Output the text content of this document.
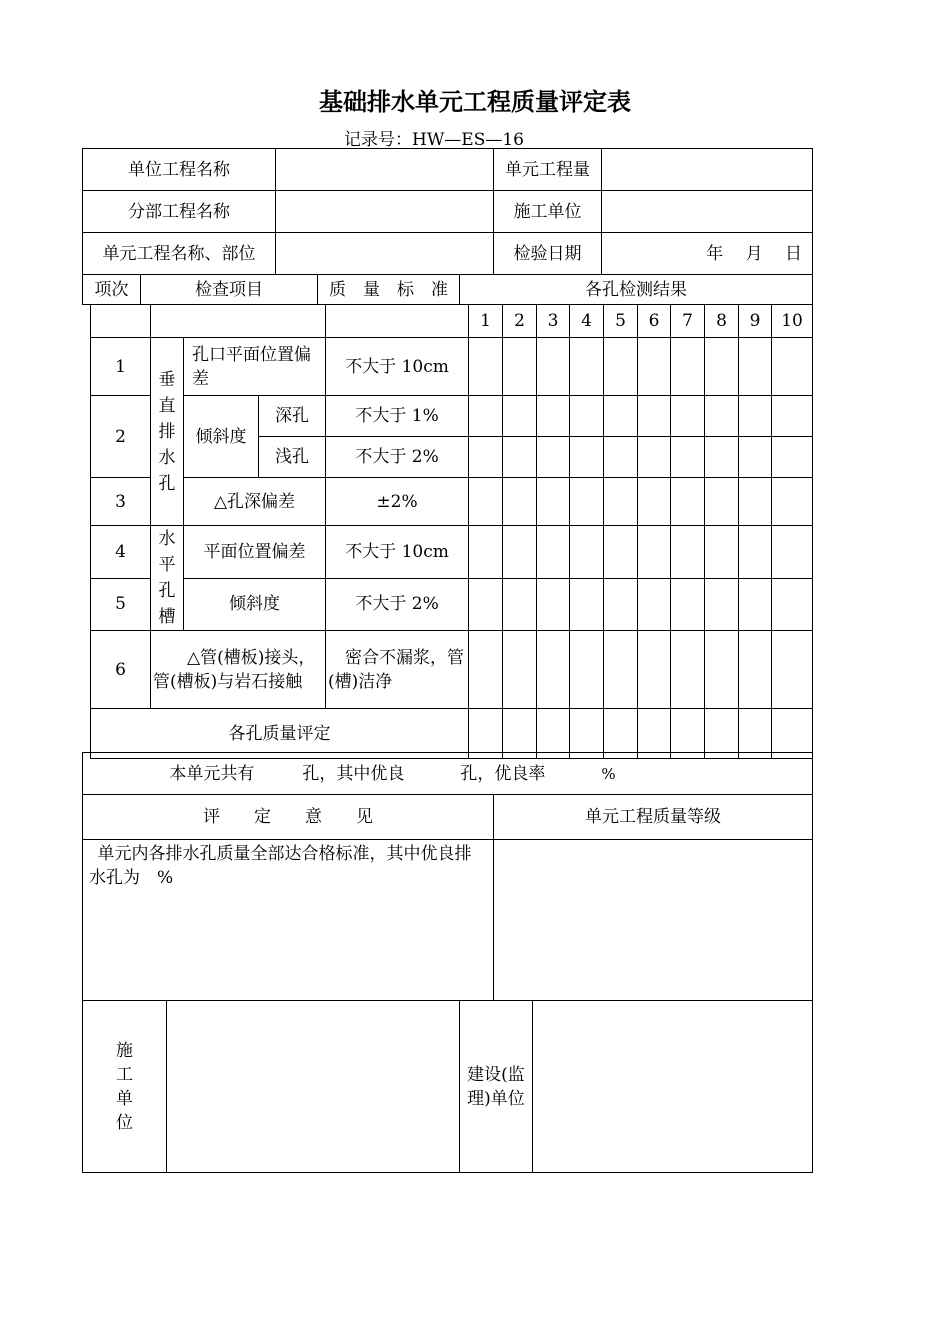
基础排水单元工程质量评定表
记录号：HW—ES—16
单位工程名称		单元工程量	
分部工程名称		施工单位	
单元工程名称、部位		检验日期	年　 月　 日
项次	检查项目	质　量　标　准	各孔检测结果
					1	2	3	4	5	6	7	8	9	10
1	垂直排水孔	孔口平面位置偏差		不大于 10cm										
2		倾斜度	深孔	不大于 1%										
			浅孔	不大于 2%										
3		△孔深偏差		±2%										
4	水平孔槽	平面位置偏差		不大于 10cm										
5		倾斜度		不大于 2%										
6	△管(槽板)接头，管(槽板)与岩石接触			密合不漏浆，管(槽)洁净										
各孔质量评定														
本单元共有 孔，其中优良 孔，优良率 %	
评　　定　　意　　见	单元工程质量等级
单元内各排水孔质量全部达合格标准，其中优良排水孔为　%	
施工单位		建设(监理)单位	
